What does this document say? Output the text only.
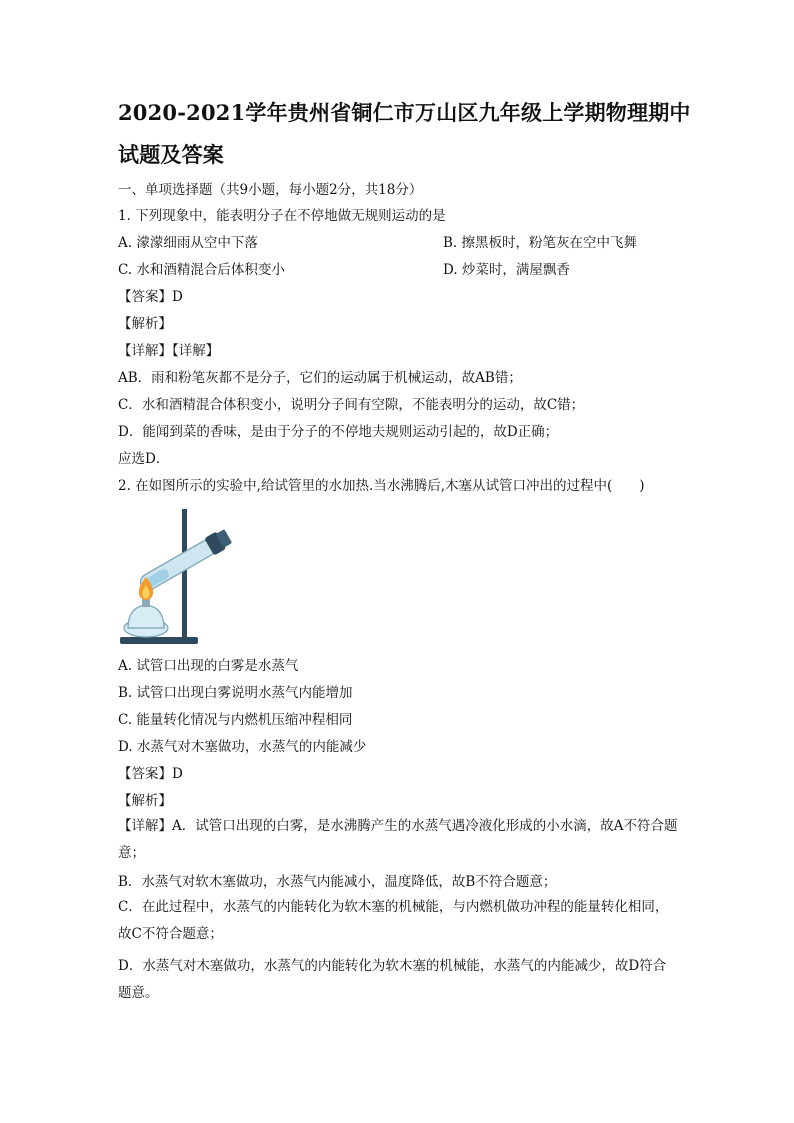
2020-2021学年贵州省铜仁市万山区九年级上学期物理期中
试题及答案
一、单项选择题（共9小题，每小题2分，共18分）
1. 下列现象中，能表明分子在不停地做无规则运动的是
A. 濛濛细雨从空中下落	B. 擦黑板时，粉笔灰在空中飞舞
C. 水和酒精混合后体积变小	D. 炒菜时，满屋飘香
【答案】D
【解析】
【详解】【详解】
AB．雨和粉笔灰都不是分子，它们的运动属于机械运动，故AB错；
C．水和酒精混合体积变小，说明分子间有空隙，不能表明分的运动，故C错；
D．能闻到菜的香味，是由于分子的不停地夫规则运动引起的，故D正确；
应选D．
2. 在如图所示的实验中,给试管里的水加热.当水沸腾后,木塞从试管口冲出的过程中(　　)
A. 试管口出现的白雾是水蒸气
B. 试管口出现白雾说明水蒸气内能增加
C. 能量转化情况与内燃机压缩冲程相同
D. 水蒸气对木塞做功，水蒸气的内能减少
【答案】D
【解析】
【详解】A．试管口出现的白雾，是水沸腾产生的水蒸气遇冷液化形成的小水滴，故A不符合题意；
B．水蒸气对软木塞做功，水蒸气内能减小，温度降低，故B不符合题意；
C．在此过程中，水蒸气的内能转化为软木塞的机械能，与内燃机做功冲程的能量转化相同，故C不符合题意；
D．水蒸气对木塞做功，水蒸气的内能转化为软木塞的机械能，水蒸气的内能减少，故D符合题意。
